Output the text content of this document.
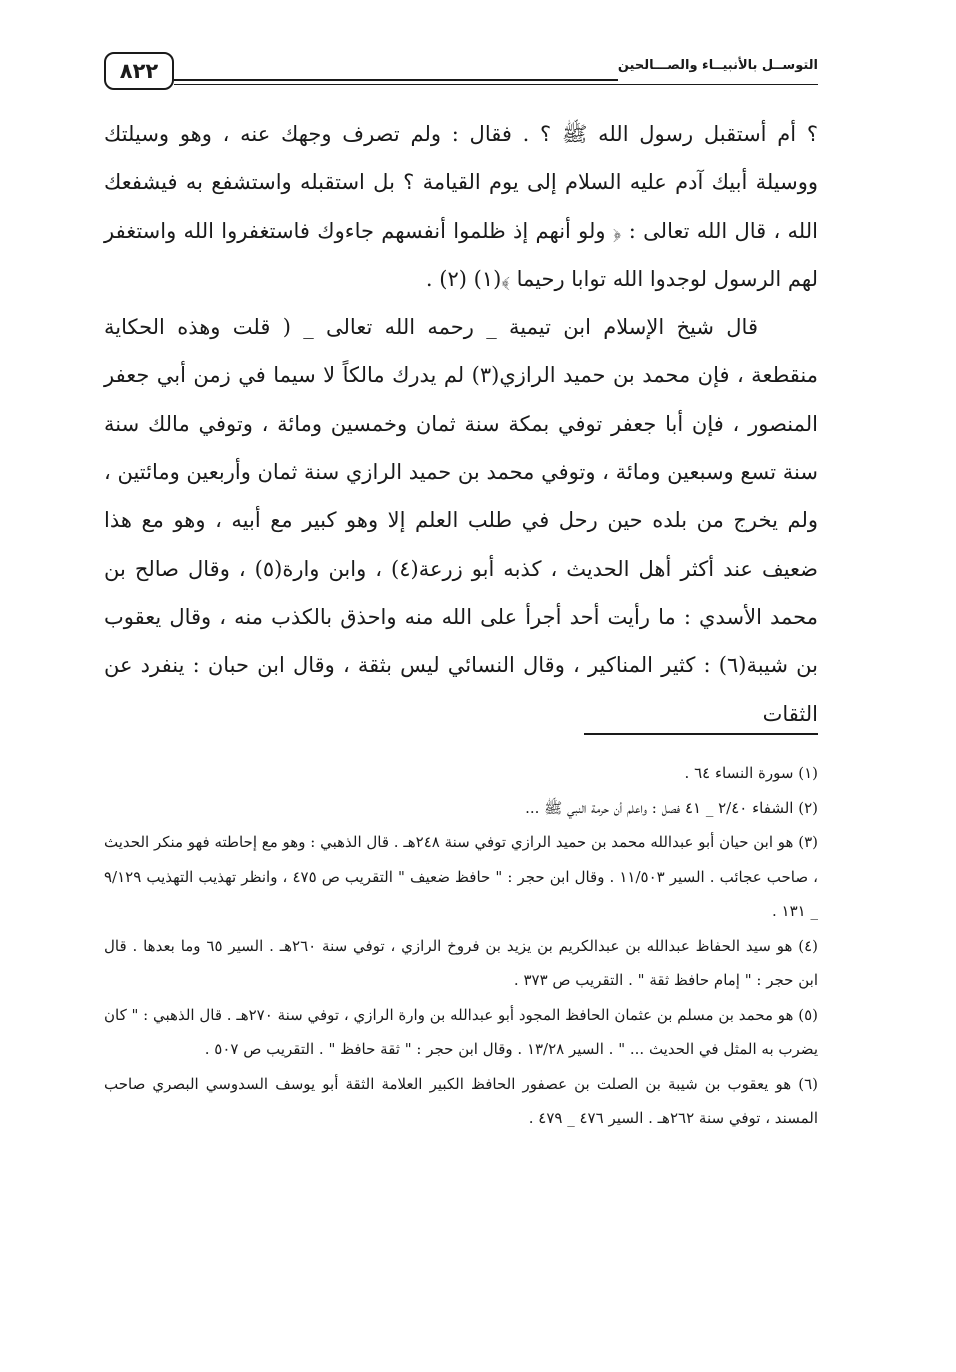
٨٢٢	التوســل بالأنبيــاء والصـــالحين

؟ أم أستقبل رسول الله ﷺ ؟ . فقال : ولم تصرف وجهك عنه ، وهو وسيلتك ووسيلة أبيك آدم عليه السلام إلى يوم القيامة ؟ بل استقبله واستشفع به فيشفعك الله ، قال الله تعالى : ﴿ ولو أنهم إذ ظلموا أنفسهم جاءوك فاستغفروا الله واستغفر لهم الرسول لوجدوا الله توابا رحيما ﴾(١) (٢) .

قال شيخ الإسلام ابن تيمية _ رحمه الله تعالى _ ( قلت وهذه الحكاية منقطعة ، فإن محمد بن حميد الرازي(٣) لم يدرك مالكاً لا سيما في زمن أبي جعفر المنصور ، فإن أبا جعفر توفي بمكة سنة ثمان وخمسين ومائة ، وتوفي مالك سنة سنة تسع وسبعين ومائة ، وتوفي محمد بن حميد الرازي سنة ثمان وأربعين ومائتين ، ولم يخرج من بلده حين رحل في طلب العلم إلا وهو كبير مع أبيه ، وهو مع هذا ضعيف عند أكثر أهل الحديث ، كذبه أبو زرعة(٤) ، وابن وارة(٥) ، وقال صالح بن محمد الأسدي : ما رأيت أحد أجرأ على الله منه واحذق بالكذب منه ، وقال يعقوب بن شيبة(٦) : كثير المناكير ، وقال النسائي ليس بثقة ، وقال ابن حبان : ينفرد عن الثقات

(١) سورة النساء ٦٤ .

(٢) الشفاء ٢/٤٠ _ ٤١ فصل : واعلم أن حرمة النبي ﷺ ...

(٣) هو ابن حيان أبو عبدالله محمد بن حميد الرازي توفي سنة ٢٤٨هـ . قال الذهبي : وهو مع إحاطته فهو منكر الحديث ، صاحب عجائب . السير ١١/٥٠٣ . وقال ابن حجر : " حافظ ضعيف " التقريب ص ٤٧٥ ، وانظر تهذيب التهذيب ٩/١٢٩ _ ١٣١ .

(٤) هو سيد الحفاظ عبدالله بن عبدالكريم بن يزيد بن فروخ الرازي ، توفي سنة ٢٦٠هـ . السير ٦٥ وما بعدها . قال ابن حجر : " إمام حافظ ثقة " . التقريب ص ٣٧٣ .

(٥) هو محمد بن مسلم بن عثمان الحافظ المجود أبو عبدالله بن وارة الرازي ، توفي سنة ٢٧٠هـ . قال الذهبي : " كان يضرب به المثل في الحديث ... " . السير ١٣/٢٨ . وقال ابن حجر : " ثقة حافظ " . التقريب ص ٥٠٧ .

(٦) هو يعقوب بن شيبة بن الصلت بن عصفور الحافظ الكبير العلامة الثقة أبو يوسف السدوسي البصري صاحب المسند ، توفي سنة ٢٦٢هـ . السير ٤٧٦ _ ٤٧٩ .
